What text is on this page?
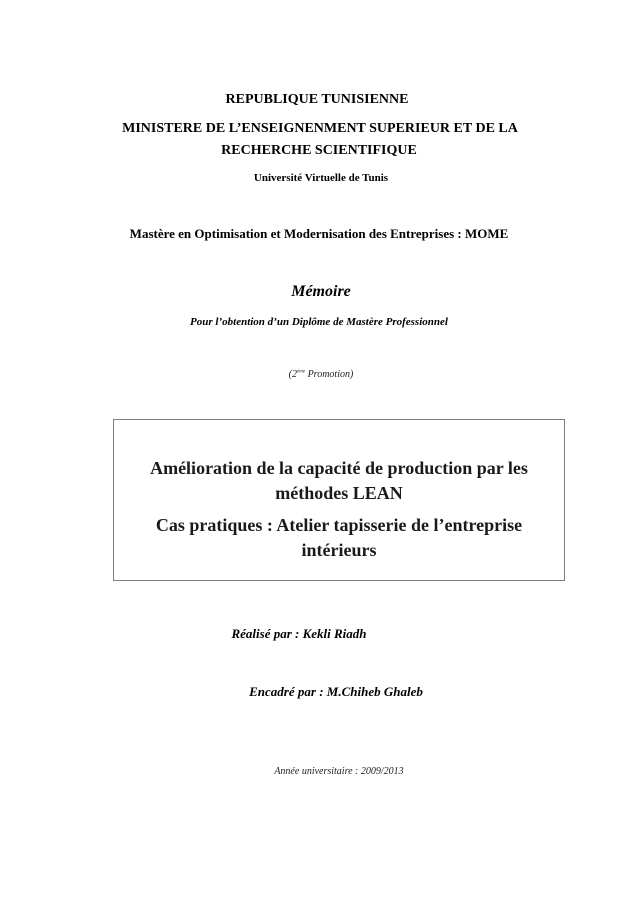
REPUBLIQUE TUNISIENNE
MINISTERE DE L’ENSEIGNENMENT SUPERIEUR ET DE LA
RECHERCHE SCIENTIFIQUE
Université Virtuelle de Tunis
Mastère en Optimisation et Modernisation des Entreprises : MOME
Mémoire
Pour l’obtention d’un Diplôme de Mastère Professionnel
(2ème Promotion)
Amélioration de la capacité de production par les
méthodes LEAN
Cas pratiques : Atelier tapisserie de l’entreprise
intérieurs
Réalisé par : Kekli Riadh
Encadré par : M.Chiheb Ghaleb
Année universitaire : 2009/2013
